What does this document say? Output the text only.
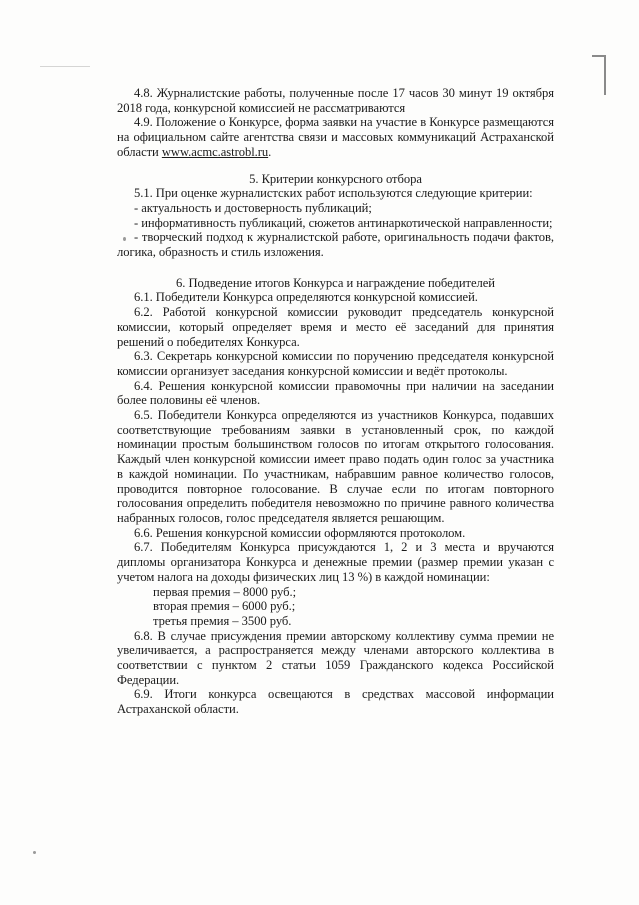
4.8. Журналистские работы, полученные после 17 часов 30 минут 19 октября 2018 года, конкурсной комиссией не рассматриваются

4.9. Положение о Конкурсе, форма заявки на участие в Конкурсе размещаются на официальном сайте агентства связи и массовых коммуникаций Астраханской области www.acmc.astrobl.ru.

5. Критерии конкурсного отбора

5.1. При оценке журналистских работ используются следующие критерии:

- актуальность и достоверность публикаций;

- информативность публикаций, сюжетов антинаркотической направленности;

- творческий подход к журналистской работе, оригинальность подачи фактов, логика, образность и стиль изложения.

6. Подведение итогов Конкурса и награждение победителей

6.1. Победители Конкурса определяются конкурсной комиссией.

6.2. Работой конкурсной комиссии руководит председатель конкурсной комиссии, который определяет время и место её заседаний для принятия решений о победителях Конкурса.

6.3. Секретарь конкурсной комиссии по поручению председателя конкурсной комиссии организует заседания конкурсной комиссии и ведёт протоколы.

6.4. Решения конкурсной комиссии правомочны при наличии на заседании более половины её членов.

6.5. Победители Конкурса определяются из участников Конкурса, подавших соответствующие требованиям заявки в установленный срок, по каждой номинации простым большинством голосов по итогам открытого голосования. Каждый член конкурсной комиссии имеет право подать один голос за участника в каждой номинации. По участникам, набравшим равное количество голосов, проводится повторное голосование. В случае если по итогам повторного голосования определить победителя невозможно по причине равного количества набранных голосов, голос председателя является решающим.

6.6. Решения конкурсной комиссии оформляются протоколом.

6.7. Победителям Конкурса присуждаются 1, 2 и 3 места и вручаются дипломы организатора Конкурса и денежные премии (размер премии указан с учетом налога на доходы физических лиц 13 %) в каждой номинации:

первая премия – 8000 руб.;

вторая премия – 6000 руб.;

третья премия – 3500 руб.

6.8. В случае присуждения премии авторскому коллективу сумма премии не увеличивается, а распространяется между членами авторского коллектива в соответствии с пунктом 2 статьи 1059 Гражданского кодекса Российской Федерации.

6.9. Итоги конкурса освещаются в средствах массовой информации Астраханской области.
